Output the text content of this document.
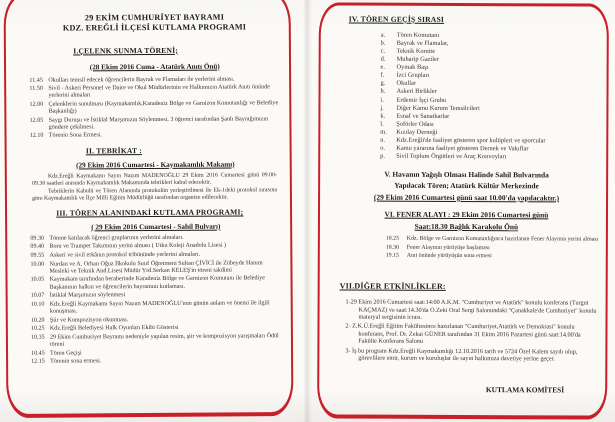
29 EKİM CUMHURİYET BAYRAMI
KDZ. EREĞLİ İLÇESİ KUTLAMA PROGRAMI
I.ÇELENK SUNMA TÖRENİ;
(28 Ekim 2016 Cuma - Atatürk Anıtı Önü)
11.45 Okulları temsil edecek öğrencilerin Bayrak ve Flamaları ile yerlerini alması.
11.50 Sivil - Askeri Personel ve Daire ve Okul Müdürlerinin ve Halkımızın Atatürk Anıtı önünde yerlerini almaları
12.00 Çelenklerin sunulması (Kaymakamlık,Karadeniz Bölge ve Garnizon Komutanlığı ve Belediye Başkanlığı)
12.05 Saygı Duruşu ve İstiklal Marşımızın Söylenmesi, 3 öğrenci tarafından Şanlı Bayrağımızın göndere çekilmesi.
12.10 Törenin Sona Ermesi.
II. TEBRİKAT :
(29 Ekim 2016 Cumartesi - Kaymakamlık Makamı)
Kdz.Ereğli Kaymakamı Sayın Nazım MADENOĞLU 29 Ekim 2016 Cumartesi günü 09.00-09.30 saatleri arasında Kaymakamlık Makamında tebrikleri kabul edecektir.
Tebriklerin Kabulü ve Tören Alanında protokolün yerleştirilmesi ile Ek-1deki protokol sırasına göre Kaymakamlık ve İlçe Milli Eğitim Müdürlüğü tarafından organize edilecektir.
III. TÖREN ALANINDAKİ KUTLAMA PROGRAMI;
( 29 Ekim 2016 Cumartesi - Sahil Bulvarı)
09.30 Törene katılacak öğrenci gruplarının yerlerini almaları.
09.40 Boru ve Trampet Takımının yerini alması ( Utku Koleji Anadolu Lisesi )
09.55 Askeri ve sivil erkânın protokol tribününde yerlerini almaları.
10.00 Nurdan ve A. Orhan Oğuz İlkokulu Sınıf Öğretmeni Sultan ÇİVİCİ ile Zübeyde Hanım Mesleki ve Teknik And.Lisesi Müdür Yrd.Serkan KELEŞ'in töreni takdimi
10.05 Kaymakam tarafından beraberinde Karadeniz Bölge ve Garnizon Komutanı ile Belediye Başkanının halkın ve öğrencilerin bayramını kutlaması.
10.07 İstiklal Marşımızın söylenmesi
10.10 Kdz.Ereğli Kaymakamı Sayın Nazım MADENOĞLU'nun günün anlam ve önemi ile ilgili konuşması.
10.20 Şiir ve Kompozisyon okunması.
10.25 Kdz.Ereğli Belediyesi Halk Oyunları Ekibi Gösterisi
10.35 29 Ekim Cumhuriyet Bayramı nedeniyle yapılan resim, şiir ve kompozisyon yarışmaları Ödül töreni
10.45 Tören Geçişi
12.15 Törenin sona ermesi.
IV. TÖREN GEÇİŞ SIRASI
a.	Tören Komutanı
b.	Bayrak ve Flamalar,
c.	Teknik Komite
d.	Muharip Gaziler
e.	Oymak Başı
f.	İzci Grupları
g.	Okullar
h.	Askeri Birlikler
i.	Erdemir İşçi Grubu
j.	Diğer Kamu Kurum Temsilcileri
k.	Esnaf ve Sanatkarlar
l.	Şoförler Odası
m.	Kızılay Derneği
n.	Kdz.Ereğli'de faaliyet gösteren spor kulüpleri ve sporcular
o.	Kamu yararına faaliyet gösteren Dernek ve Vakıflar
p.	Sivil Toplum Örgütleri ve Araç Konvoyları
V. Havanın Yağışlı Olması Halinde Sahil Bulvarında
Yapılacak Tören; Atatürk Kültür Merkezinde
(29 Ekim 2016 Cumartesi günü saat 10.00'da yapılacaktır.)
VI. FENER ALAYI : 29 Ekim 2016 Cumartesi günü
Saat:18.30 Bağlık Karakolu Önü
18.25	Kdz. Bölge ve Garnizon Komutanlığınca hazırlanan Fener Alayının yerini alması
18.30	Fener Alayının yürüyüşe başlaması
19.15	Anıt önünde yürüyüşün sona ermesi
VII.DİĞER ETKİNLİKLER:
1-29 Ekim 2016 Cumartesi saat:14:00 A.K.M. "Cumhuriyet ve Atatürk" konulu konferans (Turgut KAÇMAZ) ve saat:14.30'da O.Zeki Oral Sergi Salonundaki "Çanakkale'de Cumhuriyet" konulu materyal sergisinin icrası.
2- Z.K.Ü.Ereğli Eğitim Fakültesince hazırlanan "Cumhuriyet,Atatürk ve Demokrasi" konulu konferans, Prof. Dr. Zekai GÜNER tarafından 31 Ekim 2016 Pazartesi günü saat:14.00'da Fakülte Konferans Salonu
3- İş bu program Kdz.Ereğli Kaymakamlığı 12.10.2016 tarih ve 5724 Özel Kalem sayılı olup, görevlilere emir, kurum ve kuruluşlar ile sayın halkımıza davetiye yerine geçer.
KUTLAMA KOMİTESİ
